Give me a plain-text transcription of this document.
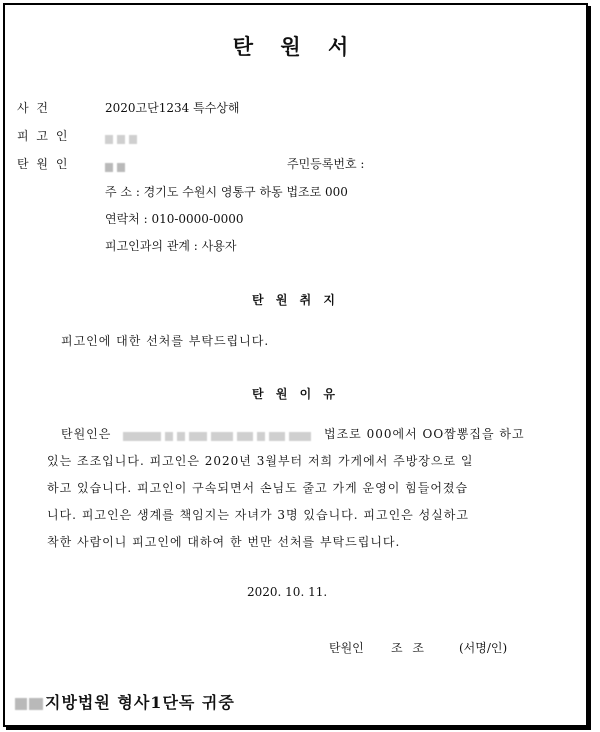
탄 원 서
사 건	2020고단1234 특수상해
피 고 인
탄 원 인	주민등록번호 :
주 소 : 경기도 수원시 영통구 하동 법조로 000
연락처 : 010-0000-0000
피고인과의 관계 : 사용자
탄 원 취 지
피고인에 대한 선처를 부탁드립니다.
탄 원 이 유
탄원인은	법조로 000에서 OO짬뽕집을 하고
있는 조조입니다. 피고인은 2020년 3월부터 저희 가게에서 주방장으로 일
하고 있습니다. 피고인이 구속되면서 손님도 줄고 가게 운영이 힘들어졌습
니다. 피고인은 생계를 책임지는 자녀가 3명 있습니다. 피고인은 성실하고
착한 사람이니 피고인에 대하여 한 번만 선처를 부탁드립니다.
2020. 10. 11.
탄원인 조 조	(서명/인)
지방법원 형사1단독 귀중
